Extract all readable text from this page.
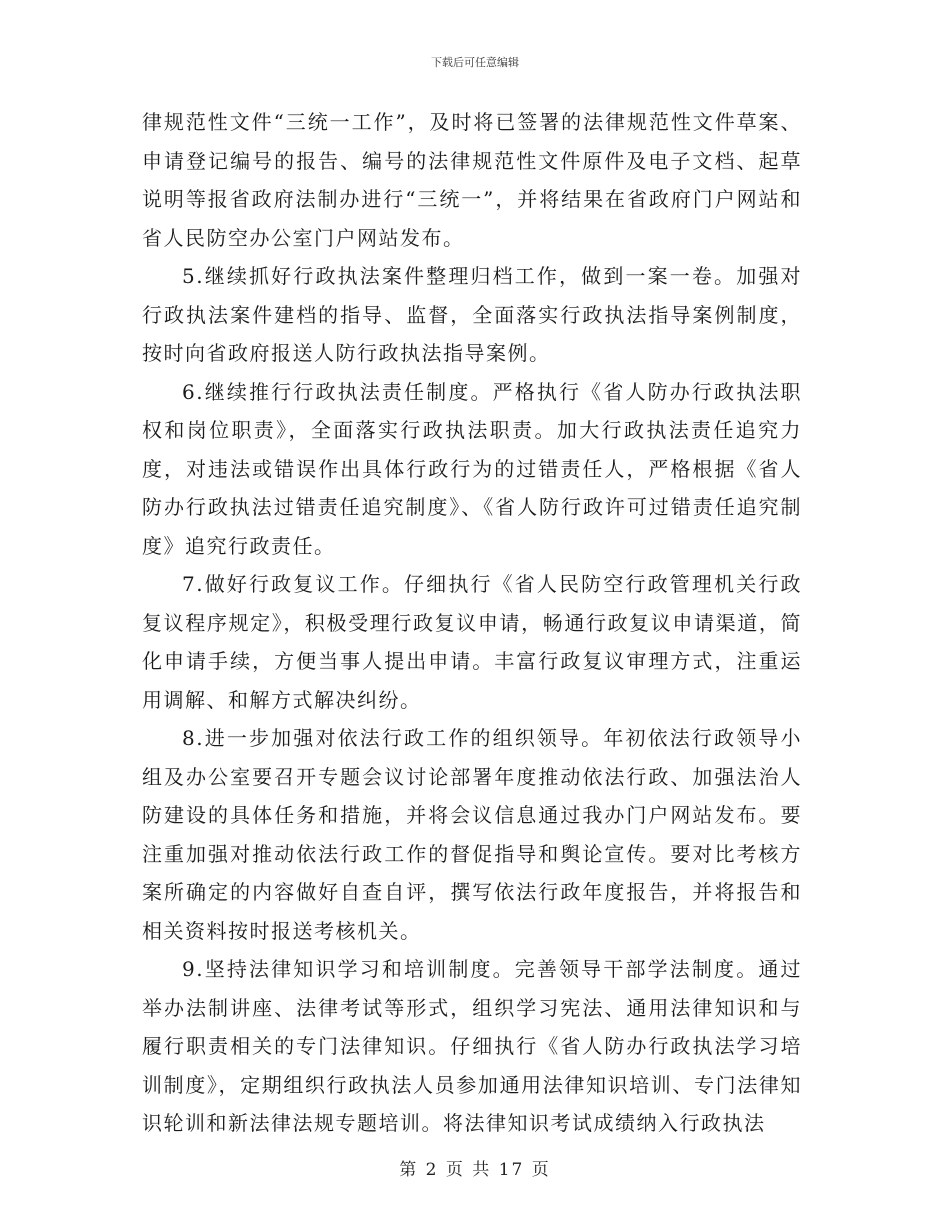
下载后可任意编辑

律规范性文件“三统一工作”，及时将已签署的法律规范性文件草案、申请登记编号的报告、编号的法律规范性文件原件及电子文档、起草说明等报省政府法制办进行“三统一”，并将结果在省政府门户网站和省人民防空办公室门户网站发布。

5.继续抓好行政执法案件整理归档工作，做到一案一卷。加强对行政执法案件建档的指导、监督，全面落实行政执法指导案例制度，按时向省政府报送人防行政执法指导案例。

6.继续推行行政执法责任制度。严格执行《省人防办行政执法职权和岗位职责》，全面落实行政执法职责。加大行政执法责任追究力度，对违法或错误作出具体行政行为的过错责任人，严格根据《省人防办行政执法过错责任追究制度》、《省人防行政许可过错责任追究制度》追究行政责任。

7.做好行政复议工作。仔细执行《省人民防空行政管理机关行政复议程序规定》，积极受理行政复议申请，畅通行政复议申请渠道，简化申请手续，方便当事人提出申请。丰富行政复议审理方式，注重运用调解、和解方式解决纠纷。

8.进一步加强对依法行政工作的组织领导。年初依法行政领导小组及办公室要召开专题会议讨论部署年度推动依法行政、加强法治人防建设的具体任务和措施，并将会议信息通过我办门户网站发布。要注重加强对推动依法行政工作的督促指导和舆论宣传。要对比考核方案所确定的内容做好自查自评，撰写依法行政年度报告，并将报告和相关资料按时报送考核机关。

9.坚持法律知识学习和培训制度。完善领导干部学法制度。通过举办法制讲座、法律考试等形式，组织学习宪法、通用法律知识和与履行职责相关的专门法律知识。仔细执行《省人防办行政执法学习培训制度》，定期组织行政执法人员参加通用法律知识培训、专门法律知识轮训和新法律法规专题培训。将法律知识考试成绩纳入行政执法

第 2 页 共 17 页
